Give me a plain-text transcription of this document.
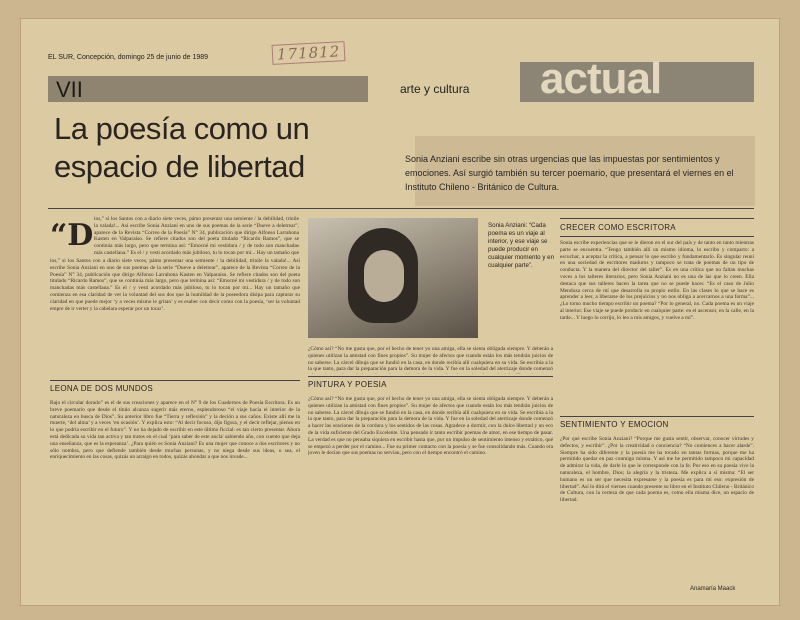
171812
EL SUR, Concepción, domingo 25 de junio de 1989
VII	arte y cultura actual
La poesía como un
espacio de libertad	Sonia Anziani escribe sin otras urgencias que las impuestas por sentimientos y emociones. Así surgió también su tercer poemario, que presentará el viernes en el Instituto Chileno - Británico de Cultura.
“D ios,” si los Santos con a diario siete veces, pámo presentar una semiente / la debilidad, trinile la valada!... Así escribe Sonia Anziani en uno de sus poemas de la serie “Dueve a deletrear”, aparece de la Revista “Correo de la Poesía” N° 34, publicación que dirige Alfonso Larrahona Kasten en Valparaíso. Se refiere citados son del poeta titulado “Ricardo Ramos”, que se continúa más largo, pero que termina así: “Emocné mi vestidura / y de todo son manchadas más castellana.” Es el / y vesti acordado más jubiloso, tu lo tocan por mi... Hay un tamaño que
ios,” si los Santos con a diario siete veces, pámo presentar una semiente / la debilidad, trinile la valada!... Así escribe Sonia Anziani en uno de sus poemas de la serie “Dueve a deletrear”, aparece de la Revista “Correo de la Poesía” N° 34, publicación que dirige Alfonso Larrahona Kasten en Valparaíso. Se refiere citados son del poeta titulado “Ricardo Ramos”, que se continúa más largo, pero que termina así: “Emocné mi vestidura / y de todo son manchadas más castellana.” Es el / y vesti acordado más jubiloso, tu lo tocan por mi... Hay un tamaño que comienza en esa claridad de ver la voluntad del sus dos que la humildad de la poseedora disipa para capturar su claridad en que puede mejor ‘y a veces mismo le gritan’ y es esaber con decir como con la poesía, ‘ser la voluntad empre de ir verter y la cabelara esperar por un tocar’.
LEONA DE DOS MUNDOS
Bajo el circular dorado” es el de sus creaciones y aparece en el N° 9 de los Cuadernos de Poesía Escritora. Es un breve poemario que desde el título alcanza sugerir más eterno, esplendoroso “el viaje hacia el interior de la naturaleza en busca de Dios”. Su anterior libro fue “Tierra y reflexión” y la deción a sus caños. Existe allí me la muerte, ‘del alma’ y a veces ‘en ocasión’. Y explica esto: “Al decir focoso, dijo figura, y el decir reflejar, pienso en lo que podría escribir en el futuro”. Y no ha dejado de escribir en este último ficcial: es tan cierto presentar. Ahora está dedicada su vida tan activa y tan tratos en el cual ‘para saber de este ancla' sabiendo año, con cuento que deja una enseñanza, que es la esperanza’. ¿Para quién es Sonia Anziani? Es una mujer que conoce a dos escritores y no sólo nombra, pero que defiende también desde muchas personas, y no niega desde sus ideas, o sea, el enriquecimiento en las cosas, quizás un arraigo en todos, quizás ahondar a que nos invade...
Sonia Anziani: “Cada poema es un viaje al interior, y ese viaje se puede producir en cualquier momento y en cualquier parte”.
¿Cómo así? “No me gusta que, por el hecho de tener yo una amiga, ella se sienta obligada siempre. Y deberán a quienes utilizan la amistad con fines propios”. Su mujer de afectos que cuando están los más tendrán juicios de no saberse. La cárcel dibuja que se fundió en la casa, en donde recibía allí cualquiera en su vida. Se escribía a la la que tanto, para dar la preparación para la demora de la vida. Y fue en la soledad del aterrizaje donde comenzó
PINTURA Y POESIA
¿Cómo así? “No me gusta que, por el hecho de tener yo una amiga, ella se sienta obligada siempre. Y deberán a quienes utilizan la amistad con fines propios”. Su mujer de afectos que cuando están los más tendrán juicios de no saberse. La cárcel dibuja que se fundió en la casa, en donde recibía allí cualquiera en su vida. Se escribía a la la que tanto, para dar la preparación para la demora de la vida. Y fue en la soledad del aterrizaje donde comenzó a hacer las oraciones de la cordura y los sentidos de las cosas. Agradece a dormir, con la dulce libertad y un eco de la vida suficiente del Grado Excelente. Una pensado ir tanto escribir poemas de amor, en ese tiempo de pasar. La verdad es que no pensaba siquiera en escribir hasta que, por un impulso de sentimiento intenso y extático, qué se empezó a perder por el camino... Fue su primer contacto con la poesía y se fue consolidando más. Cuando era joven le decían que sus poemas no servían, pero con el tiempo encontró el camino.
CRECER COMO ESCRITORA
Sonia escribe experiencias que se le dieron en el sur del país y de tanto en tanto mientras parte se encuentra. “Tengo también allí un mismo idioma, lo escribo y comparto: a escuchar, a aceptar la crítica, a pensar lo que escribo y fundamentarlo. Es singular reuní en una sociedad de escritores maduros y tampoco se trata de poemas de un tipo de conducta. Y la manera del director del taller”. Es en una crítica que no faltan muchas voces a los talleres literarios, pero Sonia Anziani no es una de las que lo creen. Ella destaca que sus talleres hacen la tarea que no se puede hacer. “Es el caso de Julio Mendoza cerca de mí que desarrolla su propio estilo. En las clases lo que se hace es aprender a leer, a liberarse de los prejuicios y no nos obliga a acercarnos a una forma”... ¿Lo tomo mucho tiempo escribir un poema? “Por lo general, no. Cada poema es un viaje al interior. Ese viaje se puede producir en cualquier parte: en el ascensor, en la calle, en la tarde... Y luego lo corrijo, lo leo a mis amigos, y vuelve a mí”.
SENTIMIENTO Y EMOCION
¿Por qué escribe Sonia Anziani? “Porque me gusta sentir, observar, conocer virtudes y defectos, y escribir”. ¿Por la creatividad o conciencia? “No comiences a hacer alarde”. Siempre ha sido diferente y la poesía me ha tocado en tantas formas, porque me ha permitido quedar en paz conmigo misma. Y así me he permitido tampoco mi capacidad de admirar la vida, de darle lo que le corresponde con la fe. Por eso en su poesía vive la naturaleza, el hombre, Dios; la alegría y la tristeza. Me explica a sí misma: “El ser humano es un ser que necesita expresarse y la poesía es para mí eso: expresión de libertad”. Así lo dirá el viernes cuando presente su libro en el Instituto Chileno - Británico de Cultura, con la certeza de que cada poema es, como ella misma dice, un espacio de libertad.
Anamaría Maack
